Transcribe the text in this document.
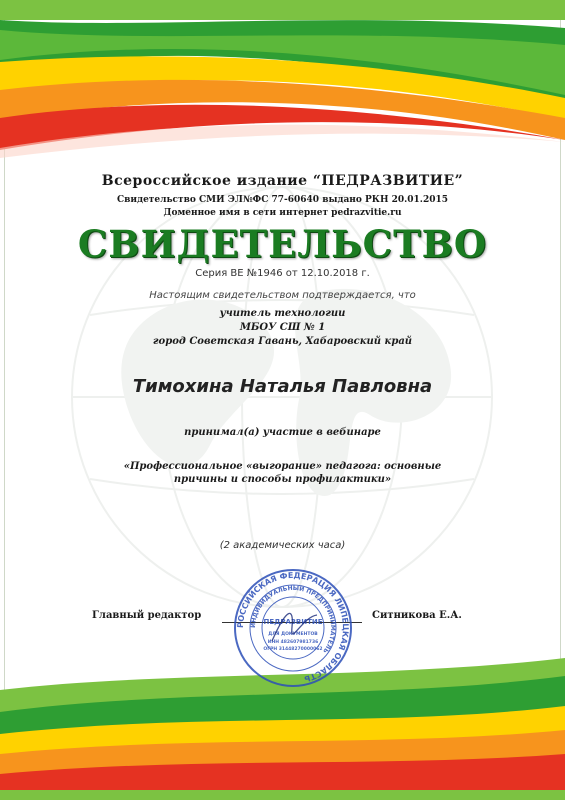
Всероссийское издание “ПЕДРАЗВИТИЕ”
Свидетельство СМИ ЭЛ№ФС 77-60640 выдано РКН 20.01.2015
Доменное имя в сети интернет pedrazvitie.ru
СВИДЕТЕЛЬСТВО
Серия ВЕ №1946 от 12.10.2018 г.
Настоящим свидетельством подтверждается, что
учитель технологии
МБОУ СШ № 1
город Советская Гавань, Хабаровский край
Тимохина Наталья Павловна
принимал(а) участие в вебинаре
«Профессиональное «выгорание» педагога: основные
причины и способы профилактики»
(2 академических часа)
Главный редактор	Ситникова Е.А.
РОССИЙСКАЯ ФЕДЕРАЦИЯ ЛИПЕЦКАЯ ОБЛАСТЬ
ИНДИВИДУАЛЬНЫЙ ПРЕДПРИНИМАТЕЛЬ
ПЕДРАЗВИТИЕ
ДЛЯ ДОКУМЕНТОВ
ИНН 482607981736
ОГРН 31448270000062
